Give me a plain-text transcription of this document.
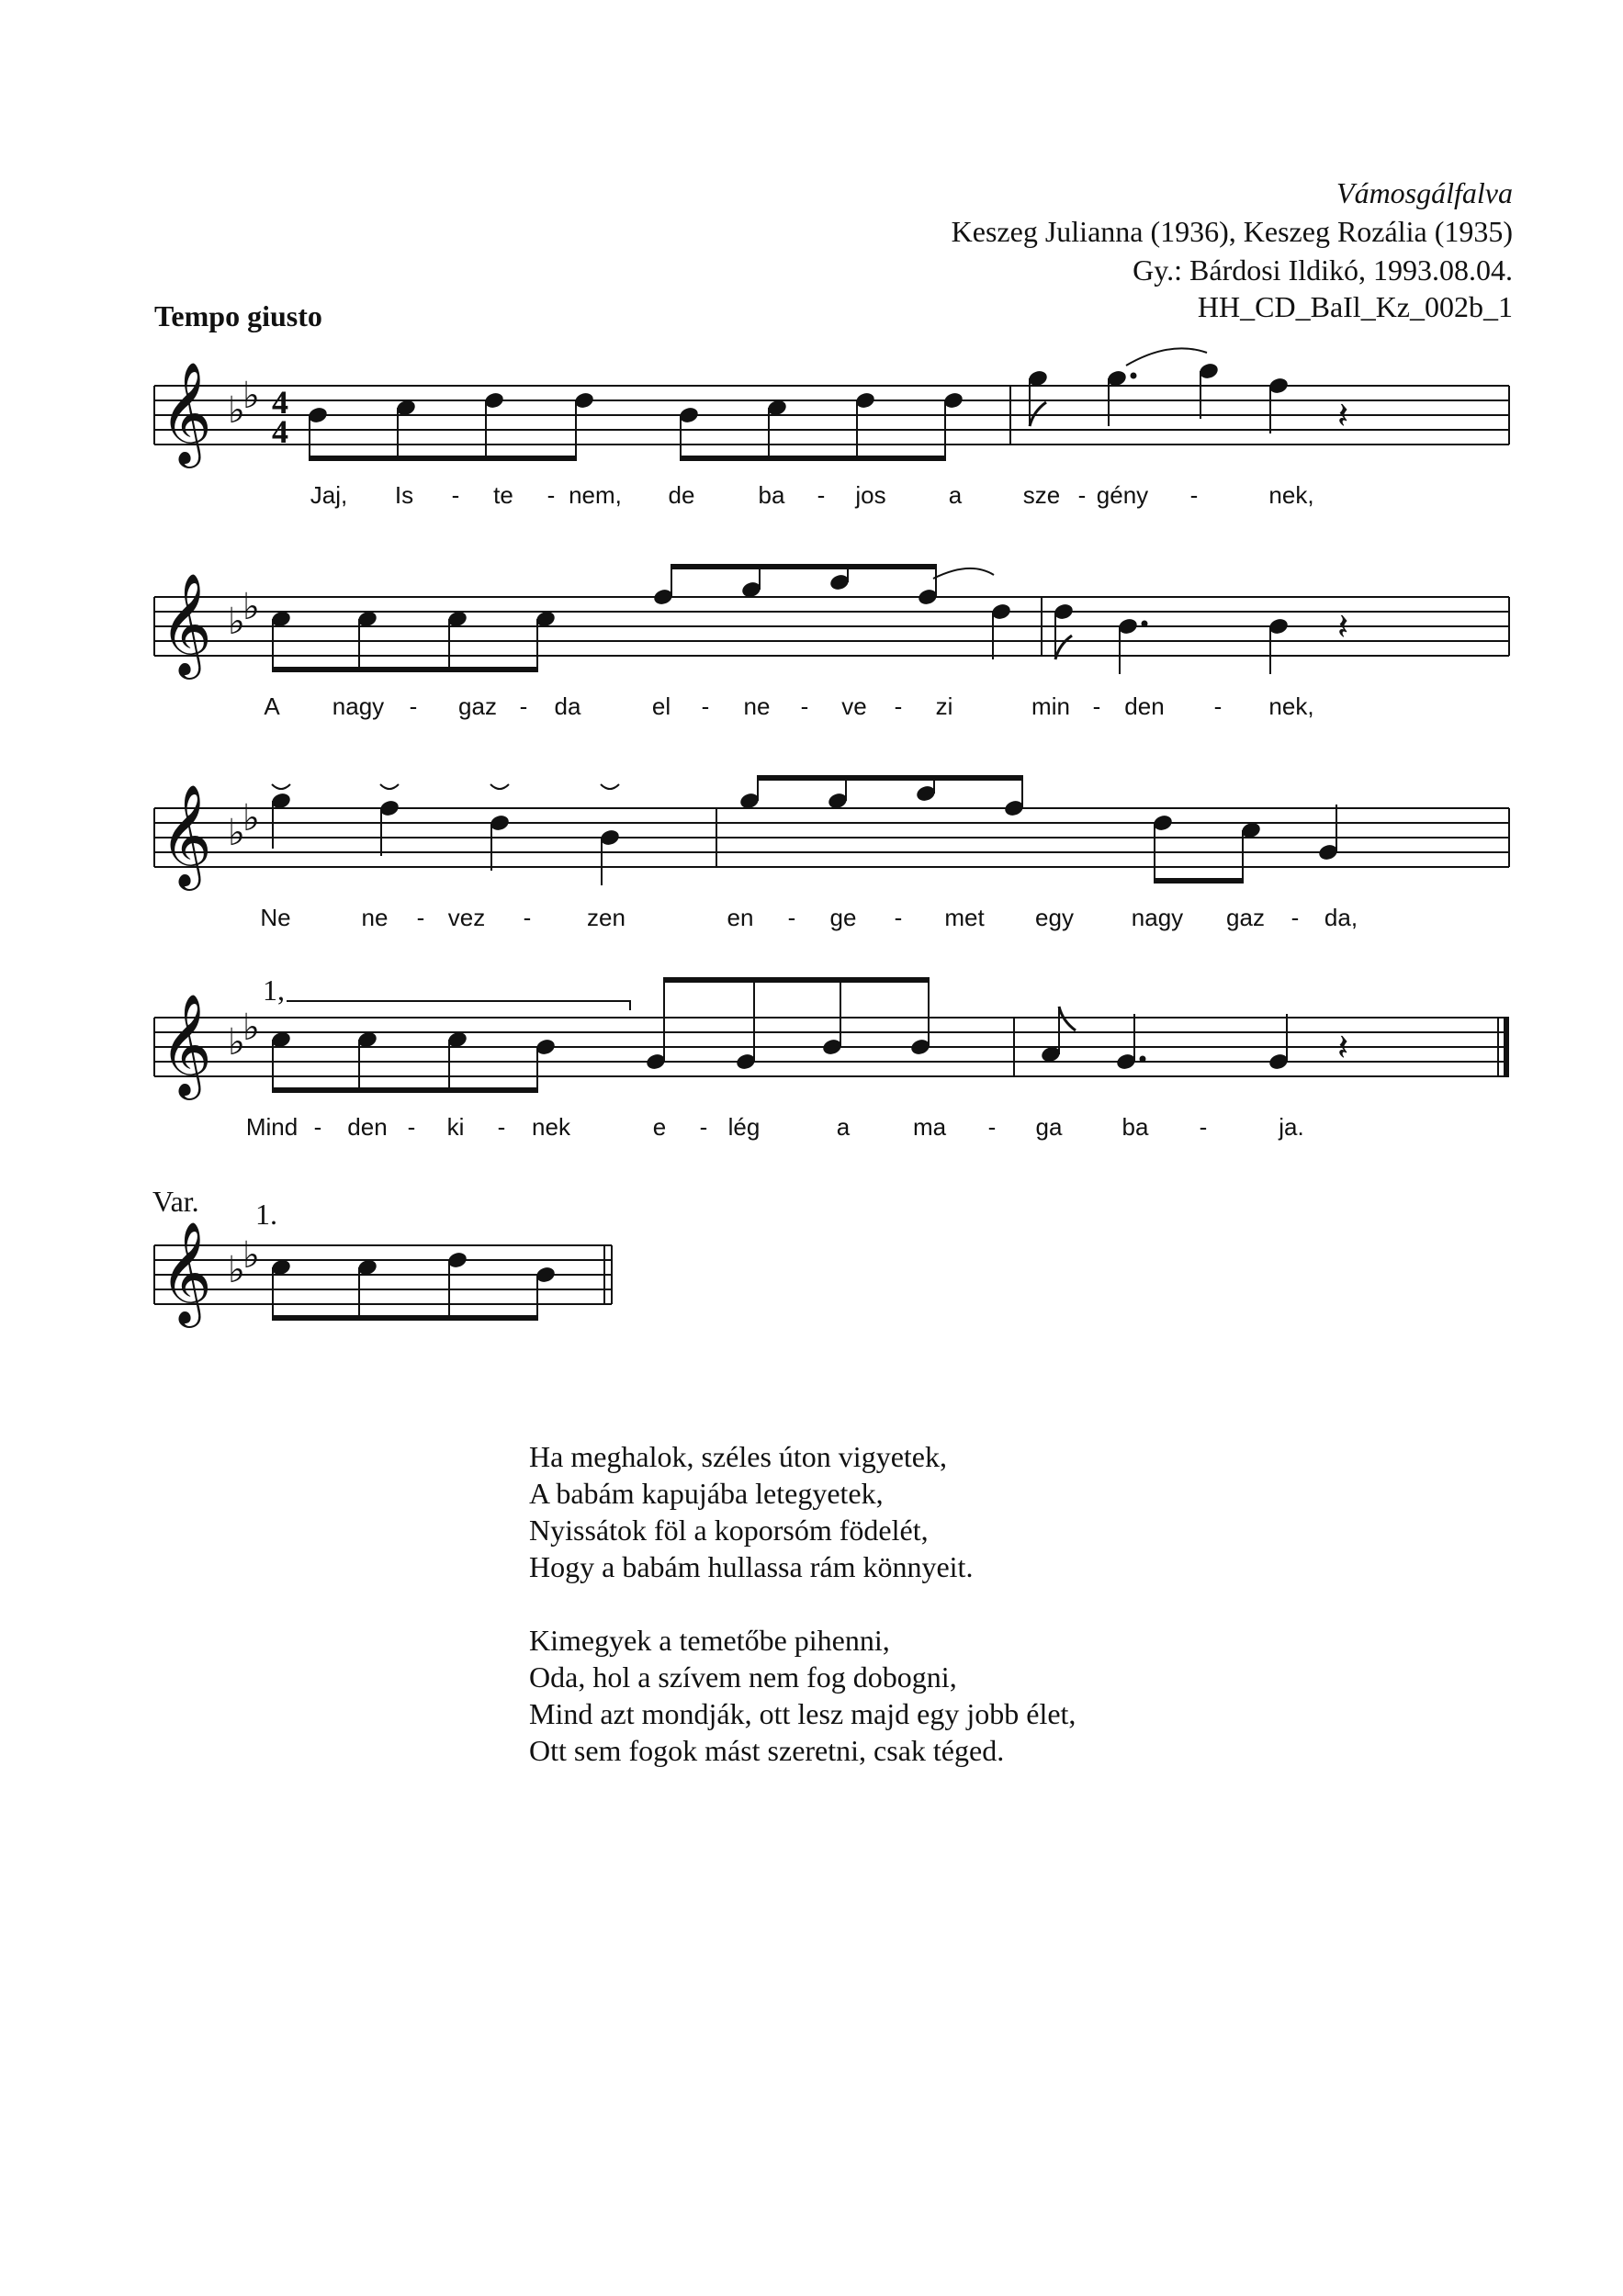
Vámosgálfalva
Keszeg Julianna (1936), Keszeg Rozália (1935)
Gy.: Bárdosi Ildikó, 1993.08.04.
HH_CD_BaIl_Kz_002b_1
Tempo giusto
1,
Var. 1.
𝄞 ♭
♭ 4
4	𝄽
Jaj, Is - te - nem, de	ba - jos	a	sze - gény -	nek,
𝄞 ♭
♭	𝄽
A nagy - gaz - da	el - ne - ve - zi	min - den - nek,
𝄞 ♭
♭
Ne	ne - vez - zen	en - ge - met egy nagy gaz - da,
𝄞 ♭
♭	𝄽
Mind - den - ki - nek	e - lég	a	ma - ga	ba -	ja.
𝄞 ♭
♭
Ha meghalok, széles úton vigyetek,
A babám kapujába letegyetek,
Nyissátok föl a koporsóm födelét,
Hogy a babám hullassa rám könnyeit.
Kimegyek a temetőbe pihenni,
Oda, hol a szívem nem fog dobogni,
Mind azt mondják, ott lesz majd egy jobb élet,
Ott sem fogok mást szeretni, csak téged.
